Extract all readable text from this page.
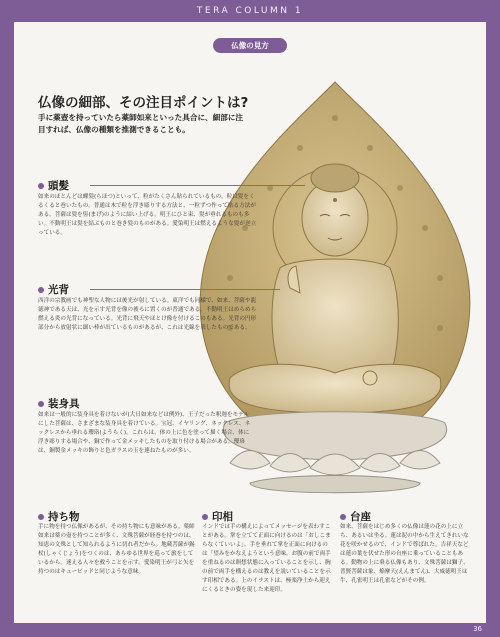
TERA COLUMN 1
仏像の見方
仏像の細部、その注目ポイントは?
手に薬壺を持っていたら薬師如来といった具合に、細部に注目すれば、仏像の種類を推測できることも。
頭髪
如来のほとんどは螺髪(らほつ)といって、粒がたくさん貼られているもの。粒は髪をくるくると巻いたもの。普通は木で粒を浮き彫りする方法と、一粒ずつ作って貼る方法がある。菩薩は髪を髻(まげ)のように結い上げる。明王にひと束、髪が垂れるものも多い。不動明王は髪を結ぶものと巻き髪のものがある。愛染明王は燃えるような髪が逆立っている。
光背
西洋の宗教画でも神聖な人物には後光が射している。東洋でも同様で、如来、菩薩や龍徳神である天は、光を示す光背を像の後ろに置くのが普通である。不動明王はめらめら燃える炎の光背になっている。光背に飛天やほとけ像を付けるこのもある。光背の円形部分から放射状に細い棒が出ているものがあるが、これは光線を表したものである。
装身具
如来は一般的に装身具を着けないが(大日如来などは例外)、王子だった釈迦をモデルにした菩薩は、さまざまな装身具を着けている。宝冠、イヤリング、ネックレス、ネックレスから垂れる瓔珞(ようらく)。これらは、体の上に色を塗って描く場合、体に浮き彫りする場合や、銅で作って金メッキしたものを取り付ける場合がある。瓔珞は、銅製金メッキの飾りと色ガラスの玉を連ねたものが多い。
持ち物
手に物を持つ仏像があるが、その持ち物にも意味がある。薬師如来は薬の壺を持つことが多く、文殊菩薩が経巻を持つのは、知恵の文殊として知られるように切れ者だから。地蔵菩薩が錫杖(しゃくじょう)をつくのは、あらゆる世界を巡って旅をしているから。迷える人々を救うことを示す。愛染明王が弓と矢を持つのはキューピッドと同じような意味。
印相
インドでは手の構えによってメッセージを表わすことがある。掌を立てて正面に向けるのは「おしこまらなくていいよ」。手を垂れて掌を正面に向けるのは「望みをかなえようという意味。お腹の前で両手を重ねるのは瞑想状態に入っていることを示し、胸の前で両手を構えるのは教えを説いていることを示す印相である。上のイラストは、極楽浄土から迎えにくるときの姿を現した来迎印。
台座
如来、菩薩をはじめ多くの仏像は蓮の花の上に立ち、あるいは坐る。蓮は泥の中から生えてきれいな花を咲かせるので、インドで尊ばれた。吉祥天などは蓮の葉を伏せた形の台座に乗っていることもある。動物の上に乗る仏像もあり、文殊菩薩は獅子、普賢菩薩は象、焔摩天(えんまてん)、大威徳明王は牛、孔雀明王は孔雀などがその例。
36
